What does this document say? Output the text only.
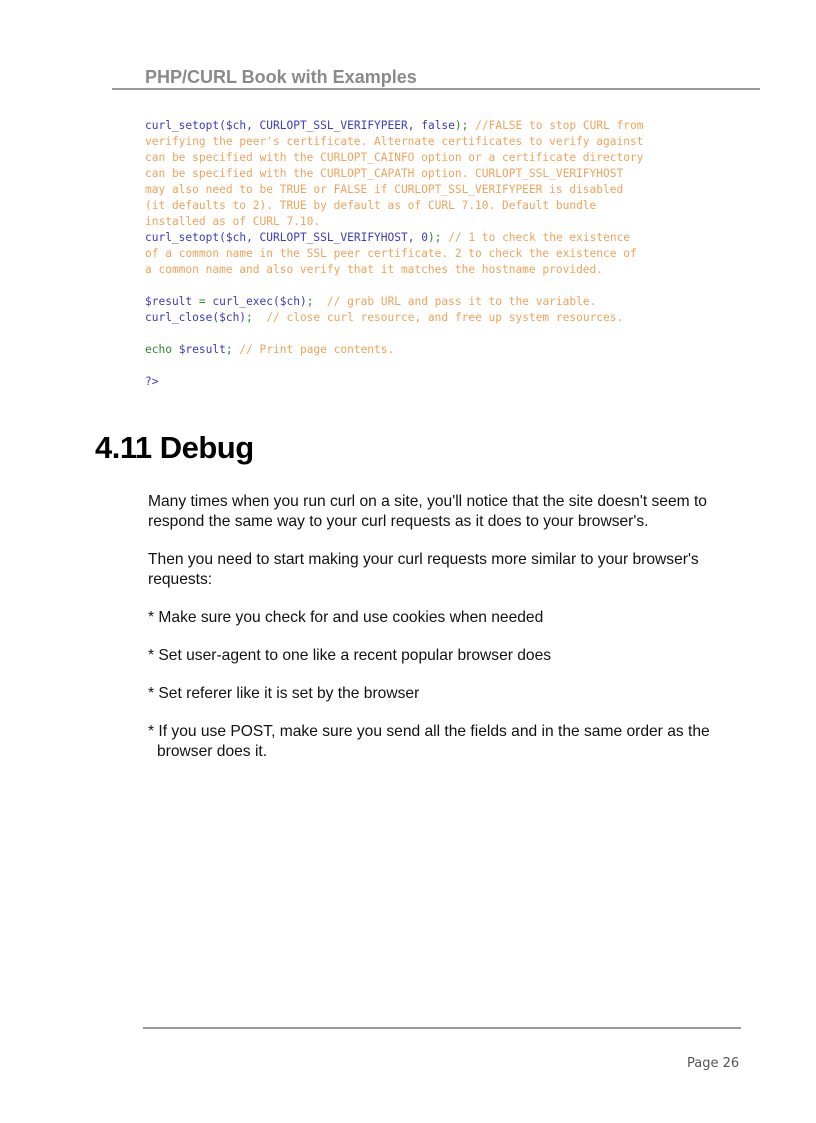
PHP/CURL Book with Examples
curl_setopt($ch, CURLOPT_SSL_VERIFYPEER, false); //FALSE to stop CURL from
verifying the peer's certificate. Alternate certificates to verify against
can be specified with the CURLOPT_CAINFO option or a certificate directory
can be specified with the CURLOPT_CAPATH option. CURLOPT_SSL_VERIFYHOST
may also need to be TRUE or FALSE if CURLOPT_SSL_VERIFYPEER is disabled
(it defaults to 2). TRUE by default as of CURL 7.10. Default bundle
installed as of CURL 7.10.
curl_setopt($ch, CURLOPT_SSL_VERIFYHOST, 0); // 1 to check the existence
of a common name in the SSL peer certificate. 2 to check the existence of
a common name and also verify that it matches the hostname provided.
$result = curl_exec($ch);  // grab URL and pass it to the variable.
curl_close($ch);  // close curl resource, and free up system resources.
echo $result; // Print page contents.
?>
4.11 Debug

Many times when you run curl on a site, you'll notice that the site doesn't seem to respond the same way to your curl requests as it does to your browser's.

Then you need to start making your curl requests more similar to your browser's requests:

* Make sure you check for and use cookies when needed

* Set user-agent to one like a recent popular browser does

* Set referer like it is set by the browser

* If you use POST, make sure you send all the fields and in the same order as the browser does it.

Page 26
